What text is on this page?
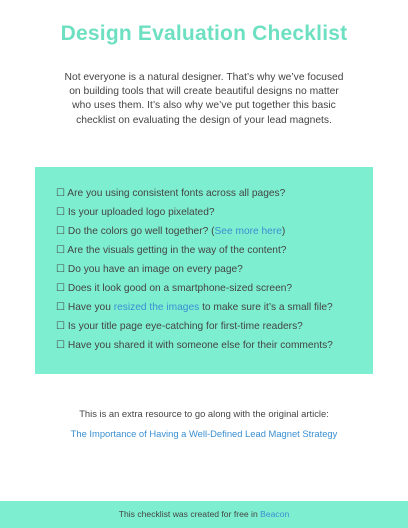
Design Evaluation Checklist
Not everyone is a natural designer. That’s why we’ve focused on building tools that will create beautiful designs no matter who uses them. It’s also why we’ve put together this basic checklist on evaluating the design of your lead magnets.
☐ Are you using consistent fonts across all pages?
☐ Is your uploaded logo pixelated?
☐ Do the colors go well together? (See more here)
☐ Are the visuals getting in the way of the content?
☐ Do you have an image on every page?
☐ Does it look good on a smartphone-sized screen?
☐ Have you resized the images to make sure it’s a small file?
☐ Is your title page eye-catching for first-time readers?
☐ Have you shared it with someone else for their comments?
This is an extra resource to go along with the original article:
The Importance of Having a Well-Defined Lead Magnet Strategy
This checklist was created for free in Beacon
